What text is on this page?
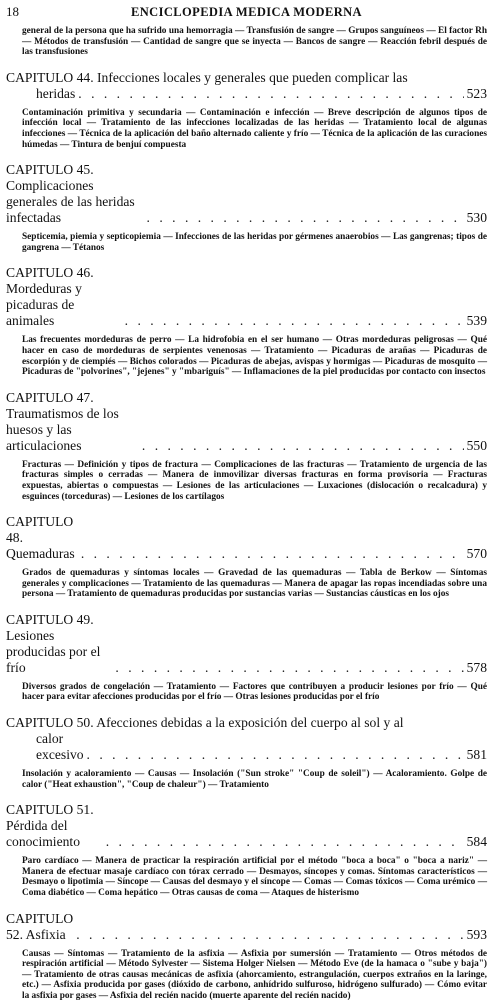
18	ENCICLOPEDIA MEDICA MODERNA

general de la persona que ha sufrido una hemorragia — Transfusión de sangre — Grupos sanguíneos — El factor Rh — Métodos de transfusión — Cantidad de sangre que se inyecta — Bancos de sangre — Reacción febril después de las transfusiones

CAPITULO 44. Infecciones locales y generales que pueden complicar las
heridas . . .	523

Contaminación primitiva y secundaria — Contaminación e infección — Breve descripción de algunos tipos de infección local — Tratamiento de las infecciones localizadas de las heridas — Tratamiento local de algunas infecciones — Técnica de la aplicación del baño alternado caliente y frío — Técnica de la aplicación de las curaciones húmedas — Tintura de benjuí compuesta

CAPITULO 45. Complicaciones generales de las heridas infectadas . . .	530

Septicemia, piemia y septicopiemia — Infecciones de las heridas por gérmenes anaerobios — Las gangrenas; tipos de gangrena — Tétanos

CAPITULO 46. Mordeduras y picaduras de animales . . .	539

Las frecuentes mordeduras de perro — La hidrofobia en el ser humano — Otras mordeduras peligrosas — Qué hacer en caso de mordeduras de serpientes venenosas — Tratamiento — Picaduras de arañas — Picaduras de escorpión y de ciempiés — Bichos colorados — Picaduras de abejas, avispas y hormigas — Picaduras de mosquito — Picaduras de "polvorines", "jejenes" y "mbariguís" — Inflamaciones de la piel producidas por contacto con insectos

CAPITULO 47. Traumatismos de los huesos y las articulaciones . . .	550

Fracturas — Definición y tipos de fractura — Complicaciones de las fracturas — Tratamiento de urgencia de las fracturas simples o cerradas — Manera de inmovilizar diversas fracturas en forma provisoria — Fracturas expuestas, abiertas o compuestas — Lesiones de las articulaciones — Luxaciones (dislocación o recalcadura) y esguinces (torceduras) — Lesiones de los cartílagos

CAPITULO 48. Quemaduras . . .	570

Grados de quemaduras y síntomas locales — Gravedad de las quemaduras — Tabla de Berkow — Síntomas generales y complicaciones — Tratamiento de las quemaduras — Manera de apagar las ropas incendiadas sobre una persona — Tratamiento de quemaduras producidas por sustancias varias — Sustancias cáusticas en los ojos

CAPITULO 49. Lesiones producidas por el frío . . .	578

Diversos grados de congelación — Tratamiento — Factores que contribuyen a producir lesiones por frío — Qué hacer para evitar afecciones producidas por el frío — Otras lesiones producidas por el frío

CAPITULO 50. Afecciones debidas a la exposición del cuerpo al sol y al
calor excesivo . . .	581

Insolación y acaloramiento — Causas — Insolación ("Sun stroke" "Coup de soleil") — Acaloramiento. Golpe de calor ("Heat exhaustion", "Coup de chaleur") — Tratamiento

CAPITULO 51. Pérdida del conocimiento . . .	584

Paro cardíaco — Manera de practicar la respiración artificial por el método "boca a boca" o "boca a nariz" — Manera de efectuar masaje cardíaco con tórax cerrado — Desmayos, síncopes y comas. Síntomas característicos — Desmayo o lipotimia — Síncope — Causas del desmayo y el síncope — Comas — Comas tóxicos — Coma urémico — Coma diabético — Coma hepático — Otras causas de coma — Ataques de histerismo

CAPITULO 52. Asfixia . . .	593

Causas — Síntomas — Tratamiento de la asfixia — Asfixia por sumersión — Tratamiento — Otros métodos de respiración artificial — Método Sylvester — Sistema Holger Nielsen — Método Eve (de la hamaca o "sube y baja") — Tratamiento de otras causas mecánicas de asfixia (ahorcamiento, estrangulación, cuerpos extraños en la laringe, etc.) — Asfixia producida por gases (dióxido de carbono, anhídrido sulfuroso, hidrógeno sulfurado) — Cómo evitar la asfixia por gases — Asfixia del recién nacido (muerte aparente del recién nacido)
